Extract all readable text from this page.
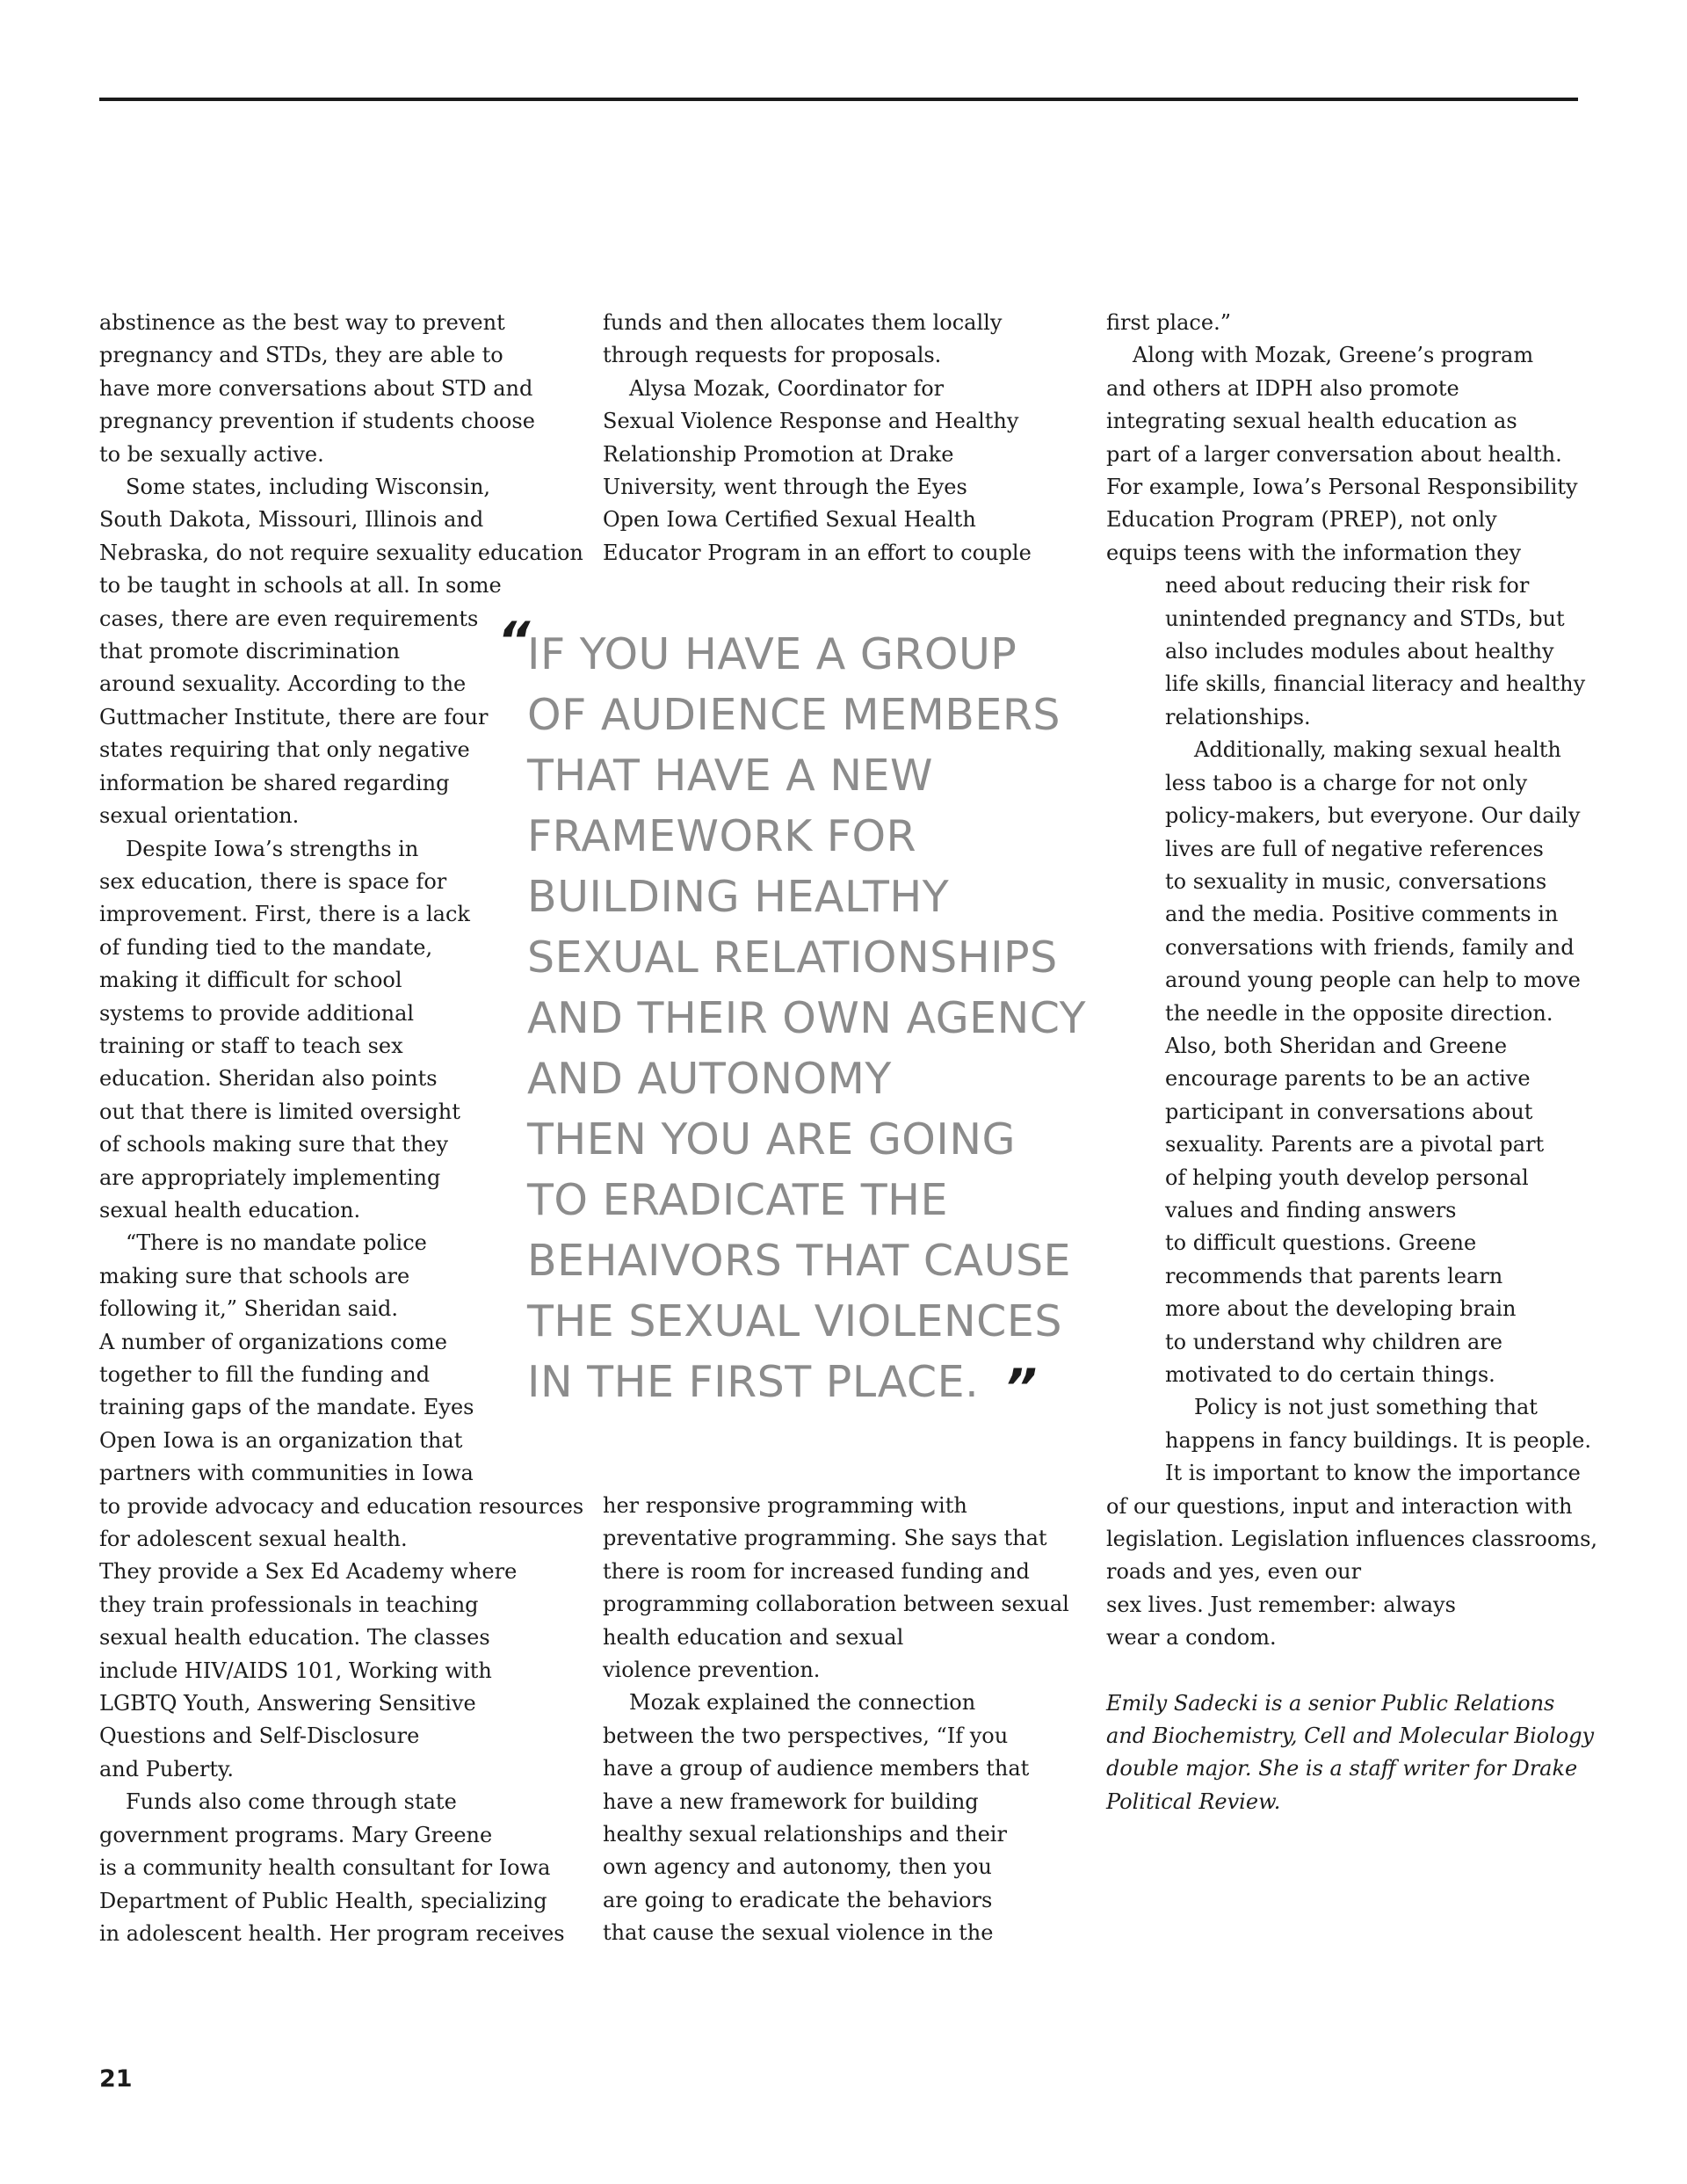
abstinence as the best way to prevent
pregnancy and STDs, they are able to
have more conversations about STD and
pregnancy prevention if students choose
to be sexually active.
Some states, including Wisconsin,
South Dakota, Missouri, Illinois and
Nebraska, do not require sexuality education
to be taught in schools at all. In some
cases, there are even requirements
that promote discrimination
around sexuality. According to the
Guttmacher Institute, there are four
states requiring that only negative
information be shared regarding
sexual orientation.
Despite Iowa’s strengths in
sex education, there is space for
improvement. First, there is a lack
of funding tied to the mandate,
making it difficult for school
systems to provide additional
training or staff to teach sex
education. Sheridan also points
out that there is limited oversight
of schools making sure that they
are appropriately implementing
sexual health education.
“There is no mandate police
making sure that schools are
following it,” Sheridan said.
A number of organizations come
together to fill the funding and
training gaps of the mandate. Eyes
Open Iowa is an organization that
partners with communities in Iowa
to provide advocacy and education resources
for adolescent sexual health.
They provide a Sex Ed Academy where
they train professionals in teaching
sexual health education. The classes
include HIV/AIDS 101, Working with
LGBTQ Youth, Answering Sensitive
Questions and Self-Disclosure
and Puberty.
Funds also come through state
government programs. Mary Greene
is a community health consultant for Iowa
Department of Public Health, specializing
in adolescent health. Her program receives
funds and then allocates them locally
through requests for proposals.
Alysa Mozak, Coordinator for
Sexual Violence Response and Healthy
Relationship Promotion at Drake
University, went through the Eyes
Open Iowa Certified Sexual Health
Educator Program in an effort to couple
“
IF YOU HAVE A GROUP
OF AUDIENCE MEMBERS
THAT HAVE A NEW
FRAMEWORK FOR
BUILDING HEALTHY
SEXUAL RELATIONSHIPS
AND THEIR OWN AGENCY
AND AUTONOMY
THEN YOU ARE GOING
TO ERADICATE THE
BEHAIVORS THAT CAUSE
THE SEXUAL VIOLENCES
IN THE FIRST PLACE. ”
her responsive programming with
preventative programming. She says that
there is room for increased funding and
programming collaboration between sexual
health education and sexual
violence prevention.
Mozak explained the connection
between the two perspectives, “If you
have a group of audience members that
have a new framework for building
healthy sexual relationships and their
own agency and autonomy, then you
are going to eradicate the behaviors
that cause the sexual violence in the
first place.”
Along with Mozak, Greene’s program
and others at IDPH also promote
integrating sexual health education as
part of a larger conversation about health.
For example, Iowa’s Personal Responsibility
Education Program (PREP), not only
equips teens with the information they
need about reducing their risk for
unintended pregnancy and STDs, but
also includes modules about healthy
life skills, financial literacy and healthy
relationships.
Additionally, making sexual health
less taboo is a charge for not only
policy-makers, but everyone. Our daily
lives are full of negative references
to sexuality in music, conversations
and the media. Positive comments in
conversations with friends, family and
around young people can help to move
the needle in the opposite direction.
Also, both Sheridan and Greene
encourage parents to be an active
participant in conversations about
sexuality. Parents are a pivotal part
of helping youth develop personal
values and finding answers
to difficult questions. Greene
recommends that parents learn
more about the developing brain
to understand why children are
motivated to do certain things.
Policy is not just something that
happens in fancy buildings. It is people.
It is important to know the importance
of our questions, input and interaction with
legislation. Legislation influences classrooms,
roads and yes, even our
sex lives. Just remember: always
wear a condom.
Emily Sadecki is a senior Public Relations
and Biochemistry, Cell and Molecular Biology
double major. She is a staff writer for Drake
Political Review.
21
